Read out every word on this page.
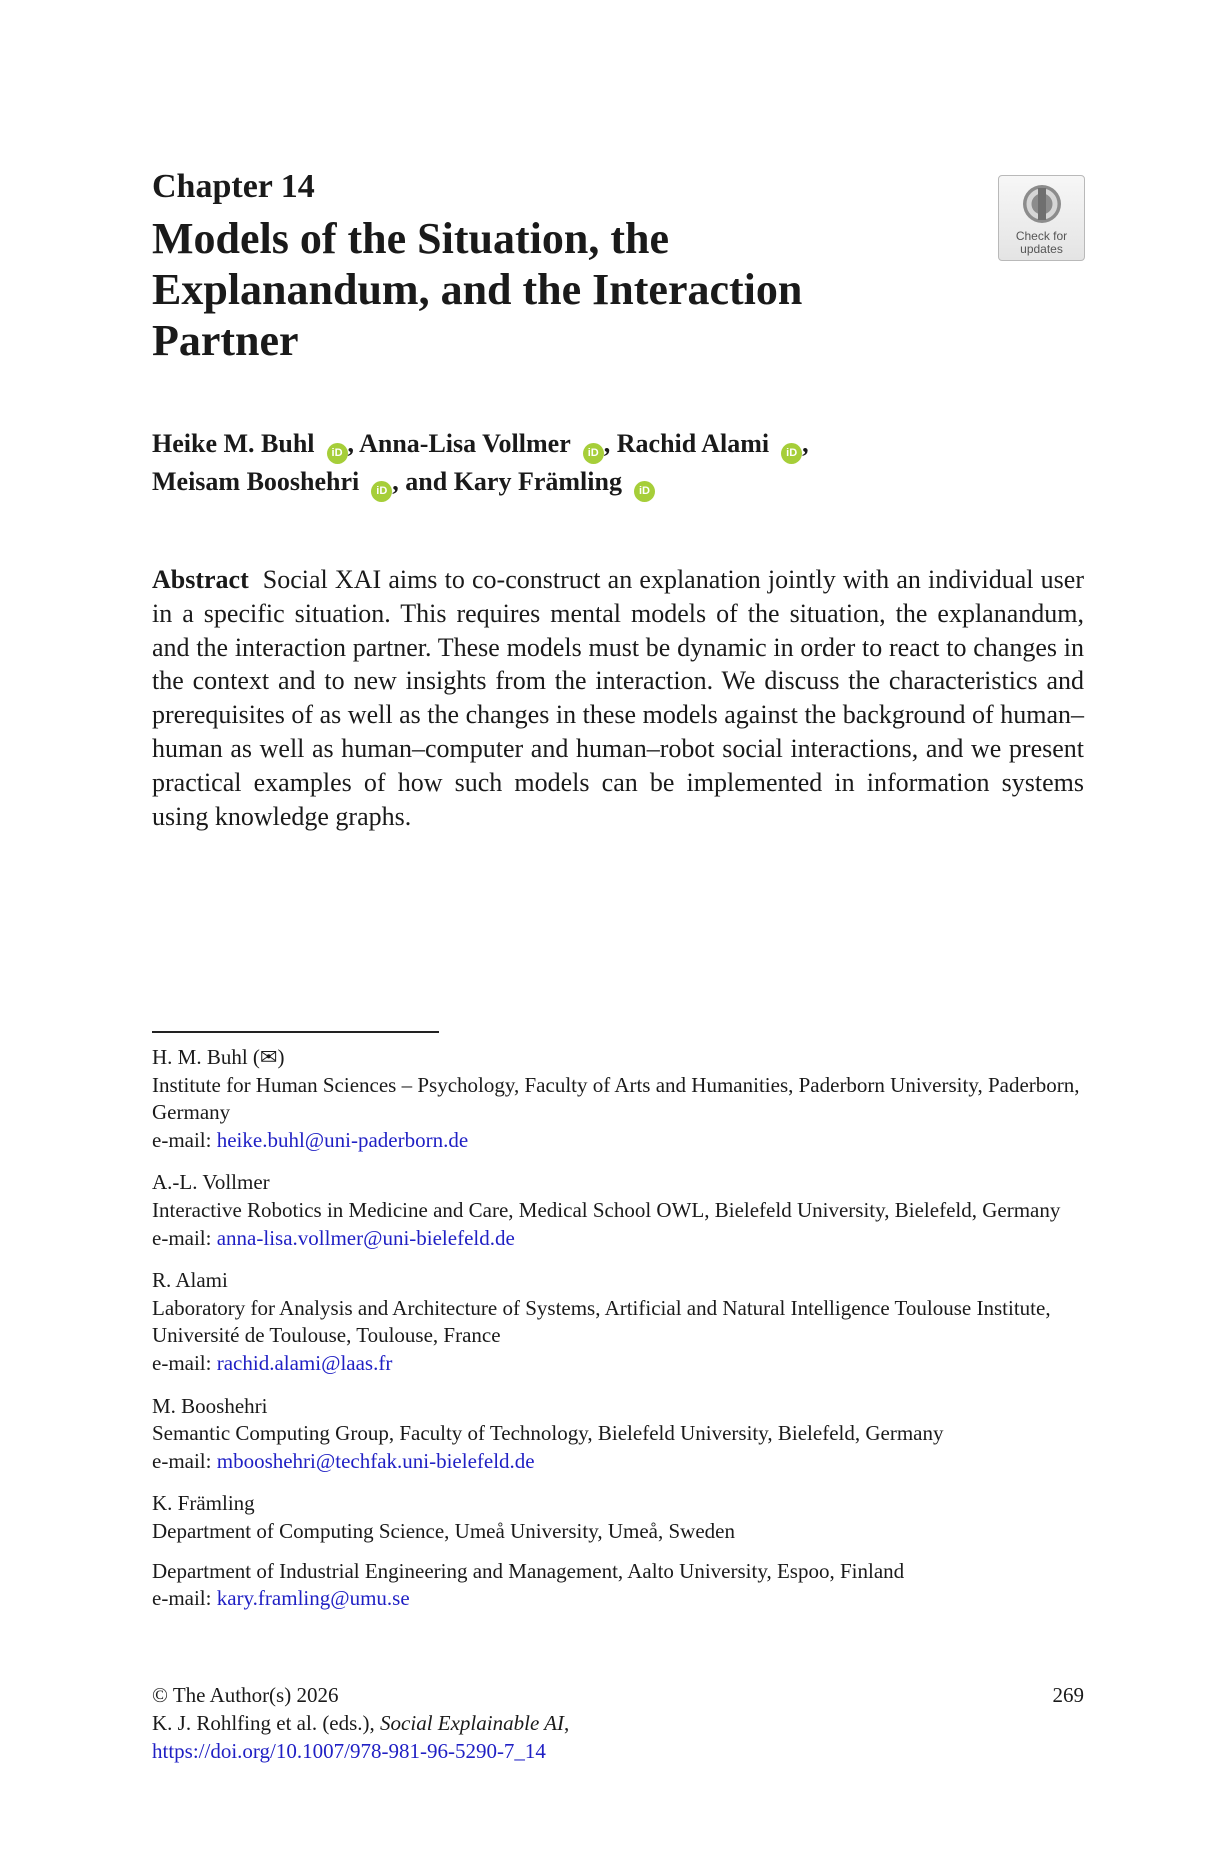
Chapter 14
Models of the Situation, the
Explanandum, and the Interaction
Partner
Check for
updates
Heike M. Buhl iD , Anna-Lisa Vollmer iD , Rachid Alami iD ,
Meisam Booshehri iD , and Kary Främling iD
Abstract Social XAI aims to co-construct an explanation jointly with an individual user in a specific situation. This requires mental models of the situation, the explanandum, and the interaction partner. These models must be dynamic in order to react to changes in the context and to new insights from the interaction. We discuss the characteristics and prerequisites of as well as the changes in these models against the background of human–human as well as human–computer and human–robot social interactions, and we present practical examples of how such models can be implemented in information systems using knowledge graphs.
H. M. Buhl (✉)
Institute for Human Sciences – Psychology, Faculty of Arts and Humanities, Paderborn University, Paderborn, Germany
e-mail: heike.buhl@uni-paderborn.de
A.-L. Vollmer
Interactive Robotics in Medicine and Care, Medical School OWL, Bielefeld University, Bielefeld, Germany
e-mail: anna-lisa.vollmer@uni-bielefeld.de
R. Alami
Laboratory for Analysis and Architecture of Systems, Artificial and Natural Intelligence Toulouse Institute, Université de Toulouse, Toulouse, France
e-mail: rachid.alami@laas.fr
M. Booshehri
Semantic Computing Group, Faculty of Technology, Bielefeld University, Bielefeld, Germany
e-mail: mbooshehri@techfak.uni-bielefeld.de
K. Främling
Department of Computing Science, Umeå University, Umeå, Sweden
Department of Industrial Engineering and Management, Aalto University, Espoo, Finland
e-mail: kary.framling@umu.se
© The Author(s) 2026
K. J. Rohlfing et al. (eds.), Social Explainable AI,
https://doi.org/10.1007/978-981-96-5290-7_14
269
